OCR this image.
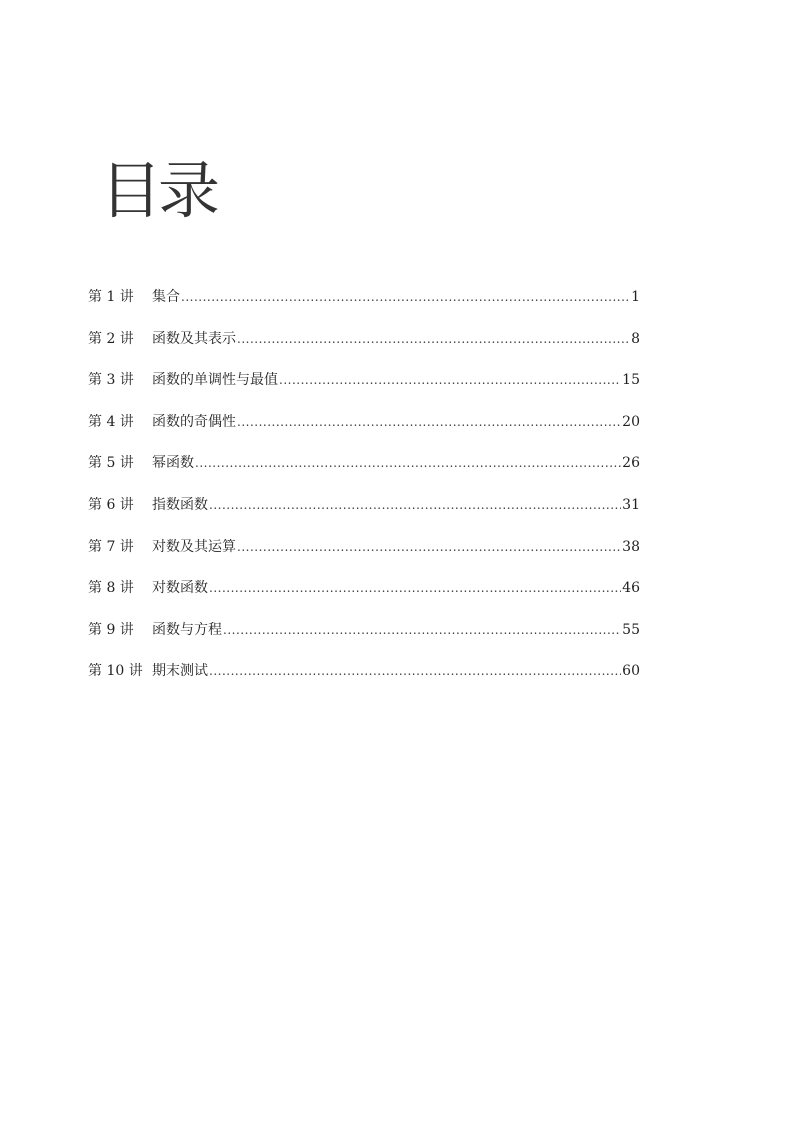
目录
第 1 讲	集合 .....	1
第 2 讲	函数及其表示 .....	8
第 3 讲	函数的单调性与最值 .....	15
第 4 讲	函数的奇偶性 .....	20
第 5 讲	幂函数 .....	26
第 6 讲	指数函数 .....	31
第 7 讲	对数及其运算 .....	38
第 8 讲	对数函数 .....	46
第 9 讲	函数与方程 .....	55
第 10 讲 期末测试 .....	60
